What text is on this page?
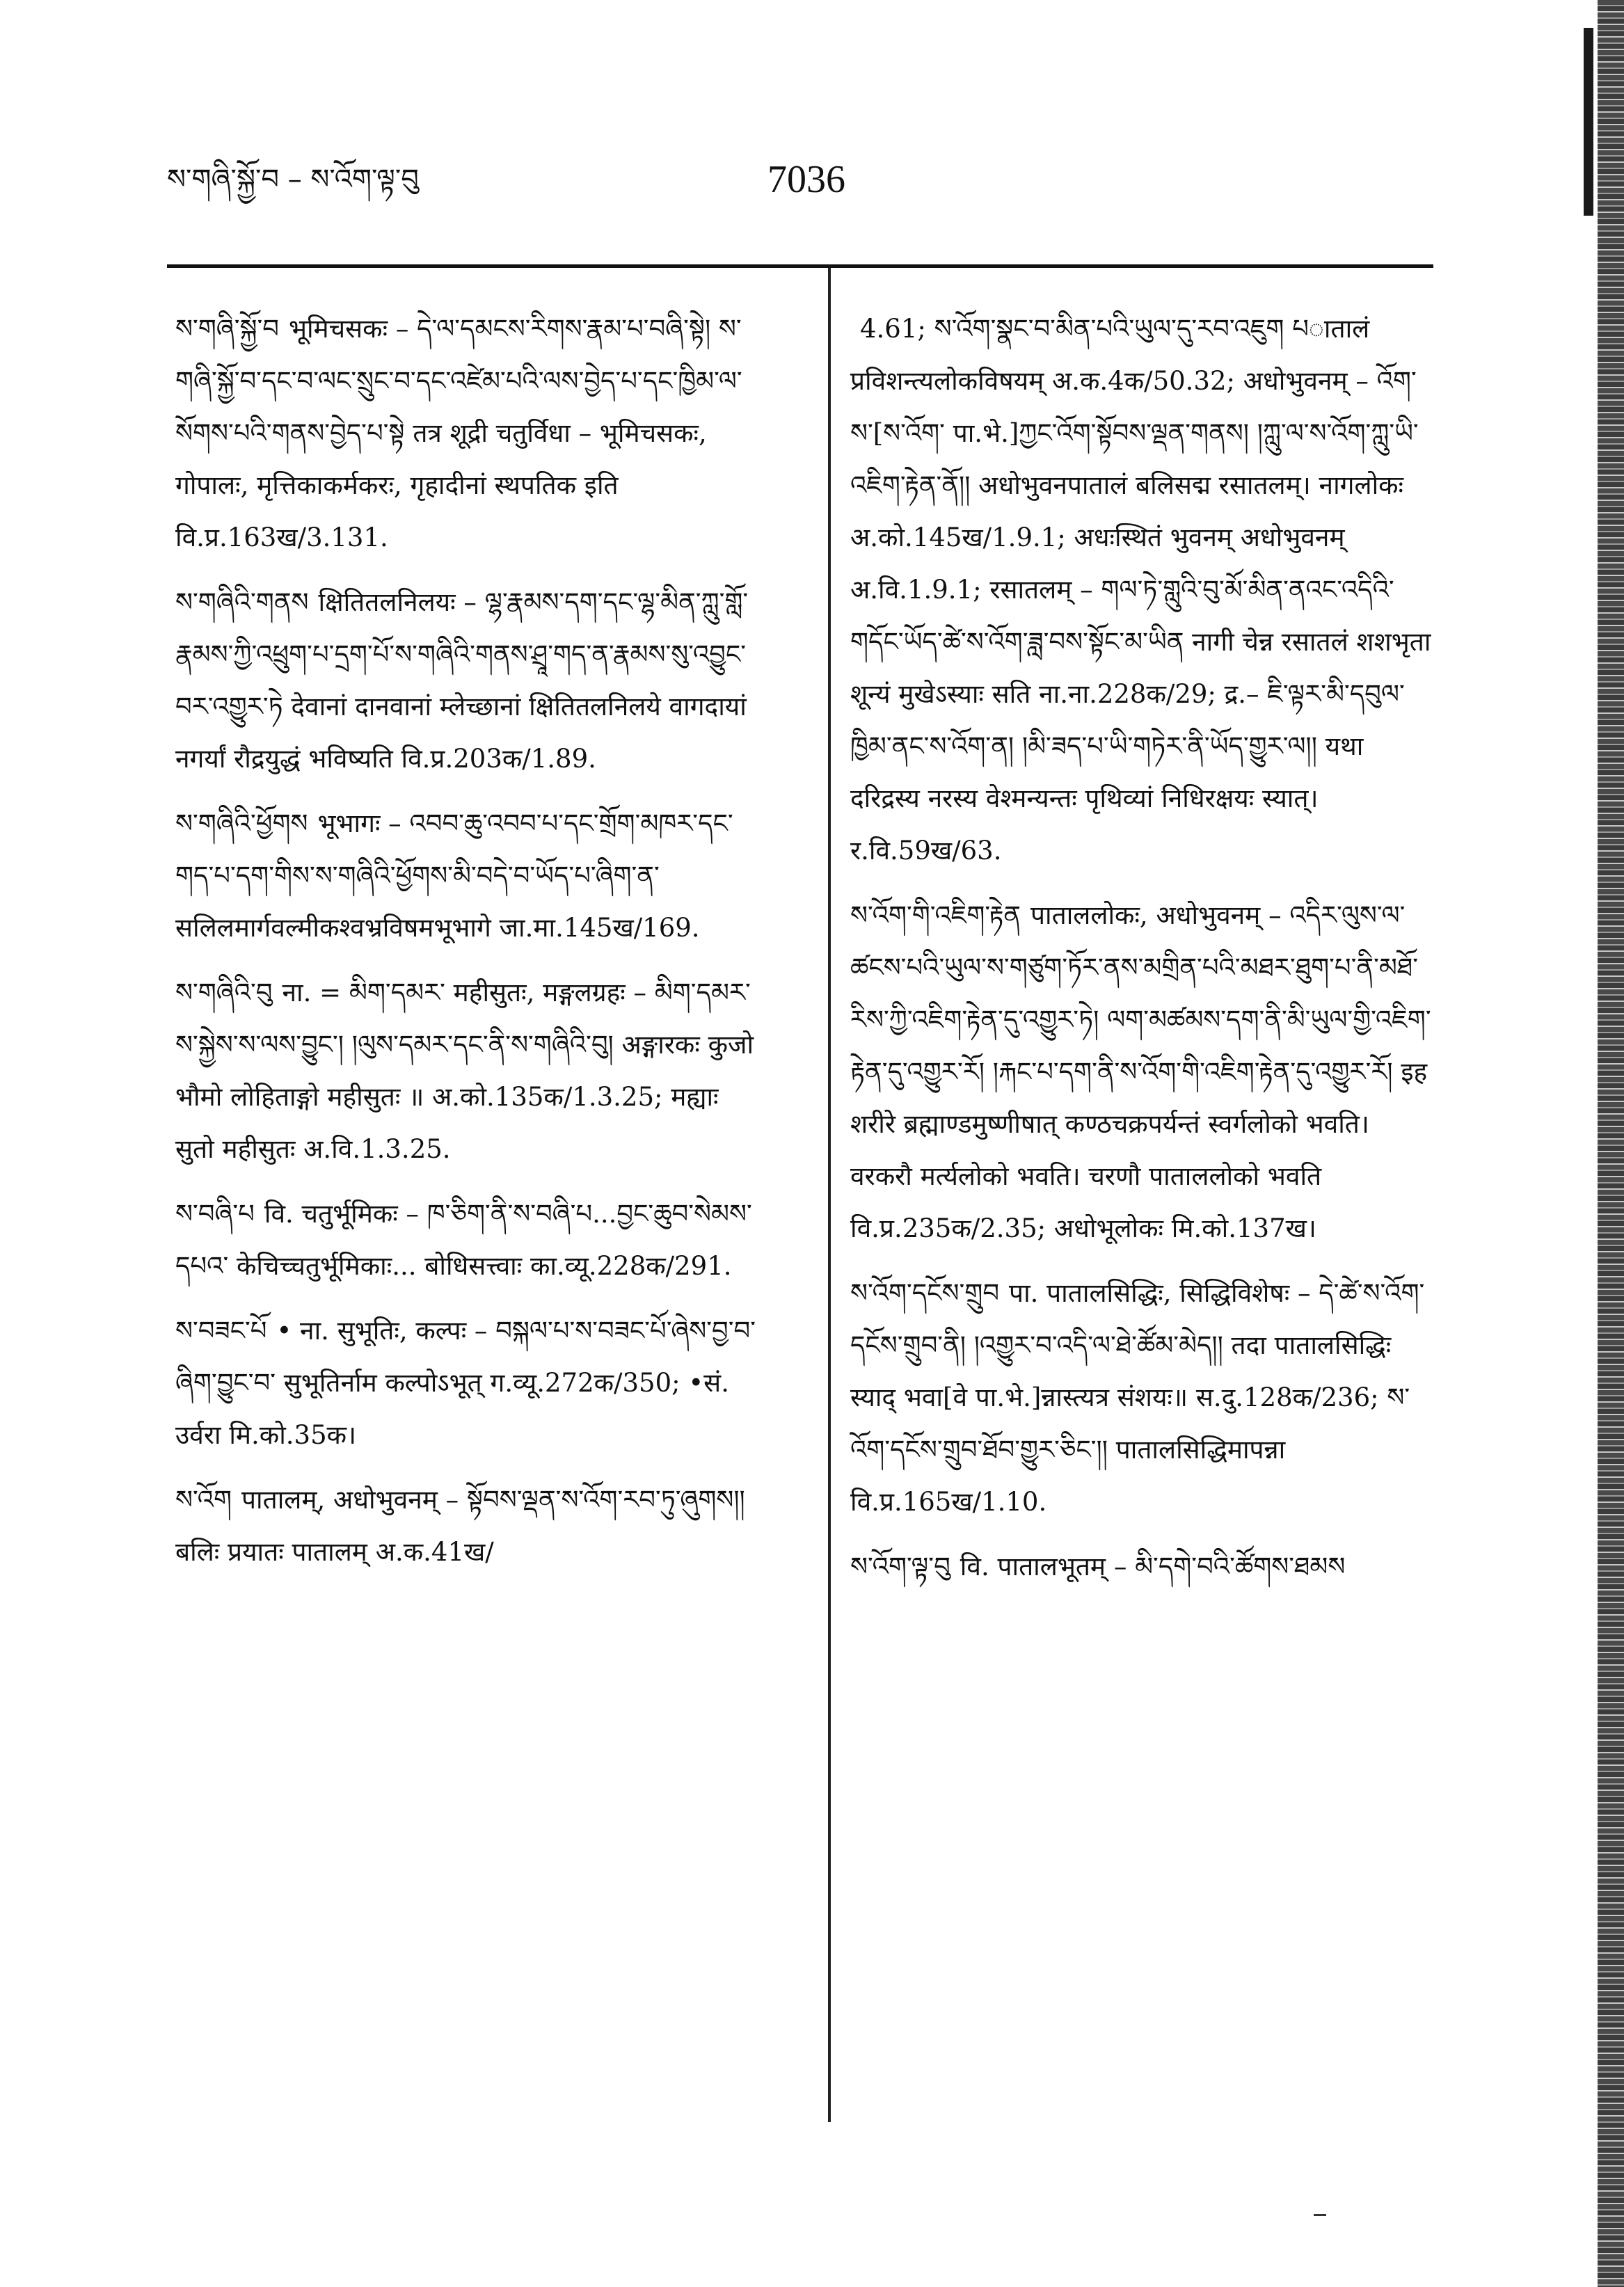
ས་གཞི་སྐྱོ་བ – ས་འོག་ལྟ་བུ	7036

ས་གཞི་སྐྱོ་བ भूमिचसकः – དེ་ལ་དམངས་རིགས་རྣམ་པ་བཞི་སྟེ། ས་གཞི་སྐྱོ་བ་དང་བ་ལང་སྲུང་བ་དང་འཛེམ་པའི་ལས་བྱེད་པ་དང་ཁྱིམ་ལ་སོགས་པའི་གནས་བྱེད་པ་སྟེ तत्र शूद्री चतुर्विधा – भूमिचसकः, गोपालः, मृत्तिकाकर्मकरः, गृहादीनां स्थपतिक इति वि.प्र.163ख/3.131.

ས་གཞིའི་གནས क्षितितलनिलयः – ལྷ་རྣམས་དག་དང་ལྷ་མིན་ཀླུ་གློ་རྣམས་ཀྱི་འཕྲུག་པ་དྲག་པོ་ས་གཞིའི་གནས་ཤྲཱ་གད་ན་རྣམས་སུ་འབྱུང་བར་འགྱུར་ཏེ देवानां दानवानां म्लेच्छानां क्षितितलनिलये वागदायां नगर्यां रौद्रयुद्धं भविष्यति वि.प्र.203क/1.89.

ས་གཞིའི་ཕྱོགས भूभागः – འབབ་ཆུ་འབབ་པ་དང་གྲོག་མཁར་དང་གད་པ་དག་གིས་ས་གཞིའི་ཕྱོགས་མི་བདེ་བ་ཡོད་པ་ཞིག་ན་ सलिलमार्गवल्मीकश्वभ्रविषमभूभागे जा.मा.145ख/169.

ས་གཞིའི་བུ ना. = མིག་དམར་ महीसुतः, मङ्गलग्रहः – མིག་དམར་ས་སྐྱེས་ས་ལས་བྱུང་། །ལུས་དམར་དང་ནི་ས་གཞིའི་བུ། अङ्गारकः कुजो भौमो लोहिताङ्गो महीसुतः ॥ अ.को.135क/1.3.25; मह्याः सुतो महीसुतः अ.वि.1.3.25.

ས་བཞི་པ वि. चतुर्भूमिकः – ཁ་ཅིག་ནི་ས་བཞི་པ...བྱང་ཆུབ་སེམས་དཔའ་ केचिच्चतुर्भूमिकाः... बोधिसत्त्वाः का.व्यू.228क/291.

ས་བཟང་པོ • ना. सुभूतिः, कल्पः – བསྐལ་པ་ས་བཟང་པོ་ཞེས་བྱ་བ་ཞིག་བྱུང་བ་ सुभूतिर्नाम कल्पोऽभूत् ग.व्यू.272क/350; •सं. उर्वरा मि.को.35क।

ས་འོག पातालम्, अधोभुवनम् – སྟོབས་ལྡན་ས་འོག་རབ་ཏུ་ཞུགས།། बलिः प्रयातः पातालम् अ.क.41ख/

4.61; ས་འོག་སྣང་བ་མིན་པའི་ཡུལ་དུ་རབ་འཇུག པातालं प्रविशन्त्यलोकविषयम् अ.क.4क/50.32; अधोभुवनम् – འོག་ས་[ས་འོག་ पा.भे.]ཀྱང་འོག་སྟོབས་ལྡན་གནས། །ཀླུ་ལ་ས་འོག་ཀླུ་ཡི་འཇིག་རྟེན་ནོ།། अधोभुवनपातालं बलिसद्म रसातलम्। नागलोकः अ.को.145ख/1.9.1; अधःस्थितं भुवनम् अधोभुवनम् अ.वि.1.9.1; रसातलम् – གལ་ཏེ་གླུའི་བུ་མོ་མིན་ནའང་འདིའི་གདོང་ཡོད་ཚེ་ས་འོག་ཟླ་བས་སྟོང་མ་ཡིན नागी चेन्न रसातलं शशभृता शून्यं मुखेऽस्याः सति ना.ना.228क/29; द्र.– ཇི་ལྟར་མི་དབུལ་ཁྱིམ་ནང་ས་འོག་ན། །མི་ཟད་པ་ཡི་གཏེར་ནི་ཡོད་གྱུར་ལ།། यथा दरिद्रस्य नरस्य वेश्मन्यन्तः पृथिव्यां निधिरक्षयः स्यात्। र.वि.59ख/63.

ས་འོག་གི་འཇིག་རྟེན पाताललोकः, अधोभुवनम् – འདིར་ལུས་ལ་ཚངས་པའི་ཡུལ་ས་གཙུག་ཏོར་ནས་མགྲིན་པའི་མཐར་ཐུག་པ་ནི་མཐོ་རིས་ཀྱི་འཇིག་རྟེན་དུ་འགྱུར་ཏེ། ལག་མཚམས་དག་ནི་མི་ཡུལ་གྱི་འཇིག་རྟེན་དུ་འགྱུར་རོ། །རྐང་པ་དག་ནི་ས་འོག་གི་འཇིག་རྟེན་དུ་འགྱུར་རོ། इह शरीरे ब्रह्माण्डमुष्णीषात् कण्ठचक्रपर्यन्तं स्वर्गलोको भवति। वरकरौ मर्त्यलोको भवति। चरणौ पाताललोको भवति वि.प्र.235क/2.35; अधोभूलोकः मि.को.137ख।

ས་འོག་དངོས་གྲུབ पा. पातालसिद्धिः, सिद्धिविशेषः – དེ་ཚེ་ས་འོག་དངོས་གྲུབ་ནི། །འགྱུར་བ་འདི་ལ་ཐེ་ཚོམ་མེད།། तदा पातालसिद्धिः स्याद् भवा[वे पा.भे.]न्नास्त्यत्र संशयः॥ स.दु.128क/236; ས་འོག་དངོས་གྲུབ་ཐོབ་གྱུར་ཅིང་།། पातालसिद्धिमापन्ना वि.प्र.165ख/1.10.

ས་འོག་ལྟ་བུ वि. पातालभूतम् – མི་དགེ་བའི་ཚོགས་ཐམས
